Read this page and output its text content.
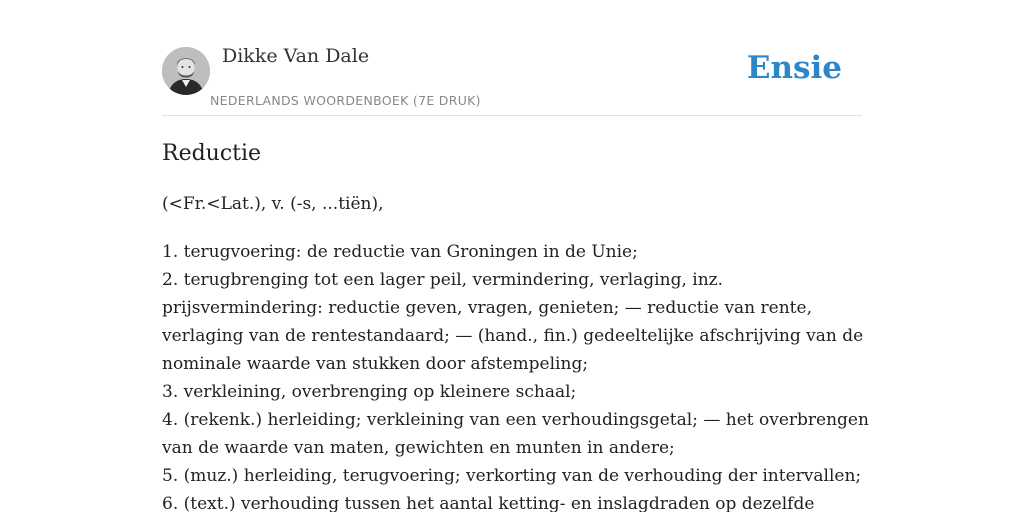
Dikke Van Dale
NEDERLANDS WOORDENBOEK (7E DRUK)
Ensie
Reductie

(<Fr.<Lat.), v. (-s, ...tiën),

1. terugvoering: de reductie van Groningen in de Unie;
2. terugbrenging tot een lager peil, vermindering, verlaging, inz.
prijsvermindering: reductie geven, vragen, genieten; — reductie van rente,
verlaging van de rentestandaard; — (hand., fin.) gedeeltelijke afschrijving van de
nominale waarde van stukken door afstempeling;
3. verkleining, overbrenging op kleinere schaal;
4. (rekenk.) herleiding; verkleining van een verhoudingsgetal; — het overbrengen
van de waarde van maten, gewichten en munten in andere;
5. (muz.) herleiding, terugvoering; verkorting van de verhouding der intervallen;
6. (text.) verhouding tussen het aantal ketting- en inslagdraden op dezelfde
